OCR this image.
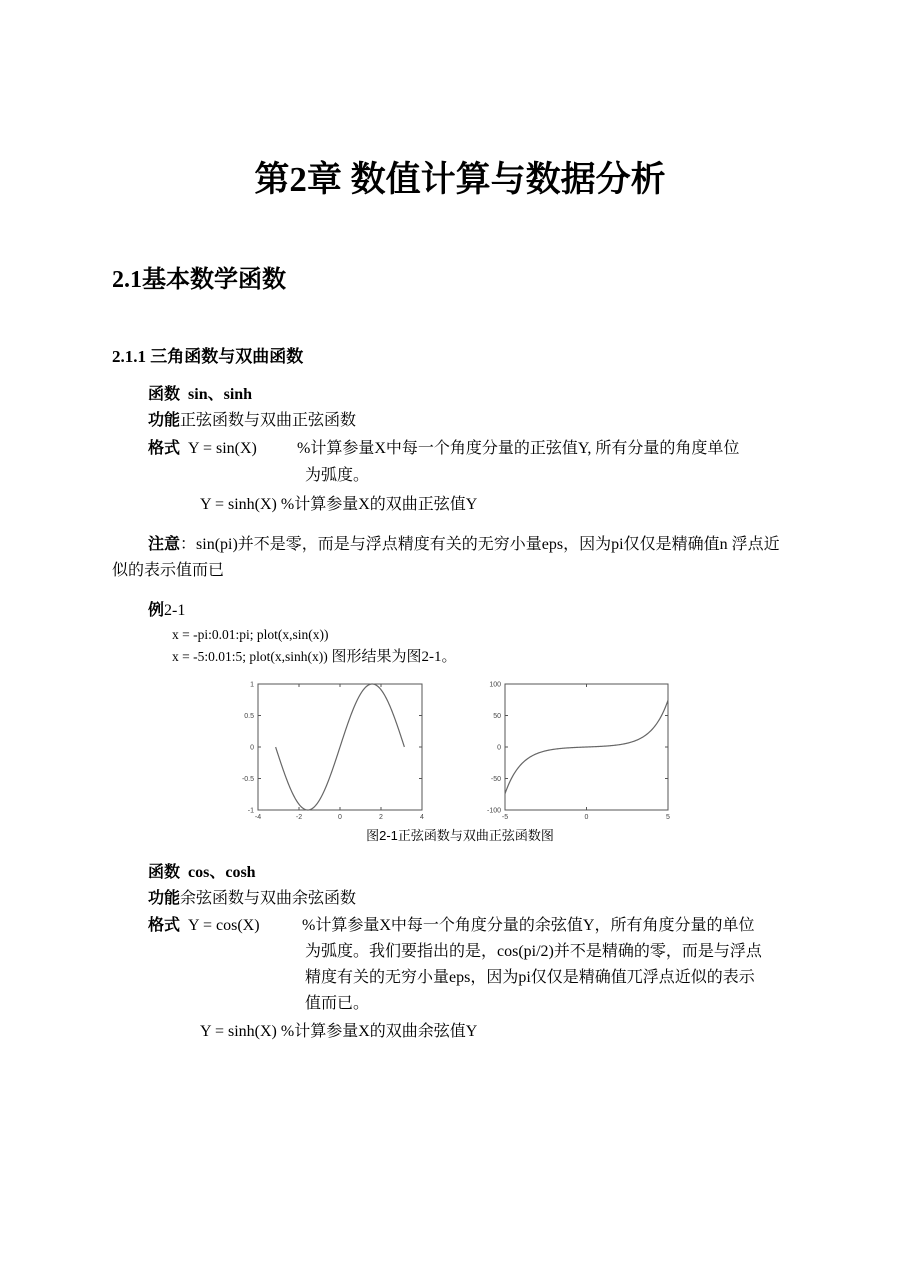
第2章 数值计算与数据分析
2.1基本数学函数
2.1.1 三角函数与双曲函数
函数 sin、sinh
功能正弦函数与双曲正弦函数
格式 Y = sin(X)	%计算参量X中每一个角度分量的正弦值Y, 所有分量的角度单位
为弧度。
Y = sinh(X) %计算参量X的双曲正弦值Y
注意：sin(pi)并不是零，而是与浮点精度有关的无穷小量eps，因为pi仅仅是精确值n 浮点近
似的表示值而已
例2-1
x = -pi:0.01:pi; plot(x,sin(x))
x = -5:0.01:5; plot(x,sinh(x)) 图形结果为图2-1。
-4	-2	0	2	4
1
0.5
0
-0.5
-1
-5	0	5
100
50
0
-50
-100
图2-1正弦函数与双曲正弦函数图
函数 cos、cosh
功能余弦函数与双曲余弦函数
格式 Y = cos(X)	%计算参量X中每一个角度分量的余弦值Y，所有角度分量的单位
为弧度。我们要指出的是，cos(pi/2)并不是精确的零，而是与浮点
精度有关的无穷小量eps，因为pi仅仅是精确值兀浮点近似的表示
值而已。
Y = sinh(X) %计算参量X的双曲余弦值Y
